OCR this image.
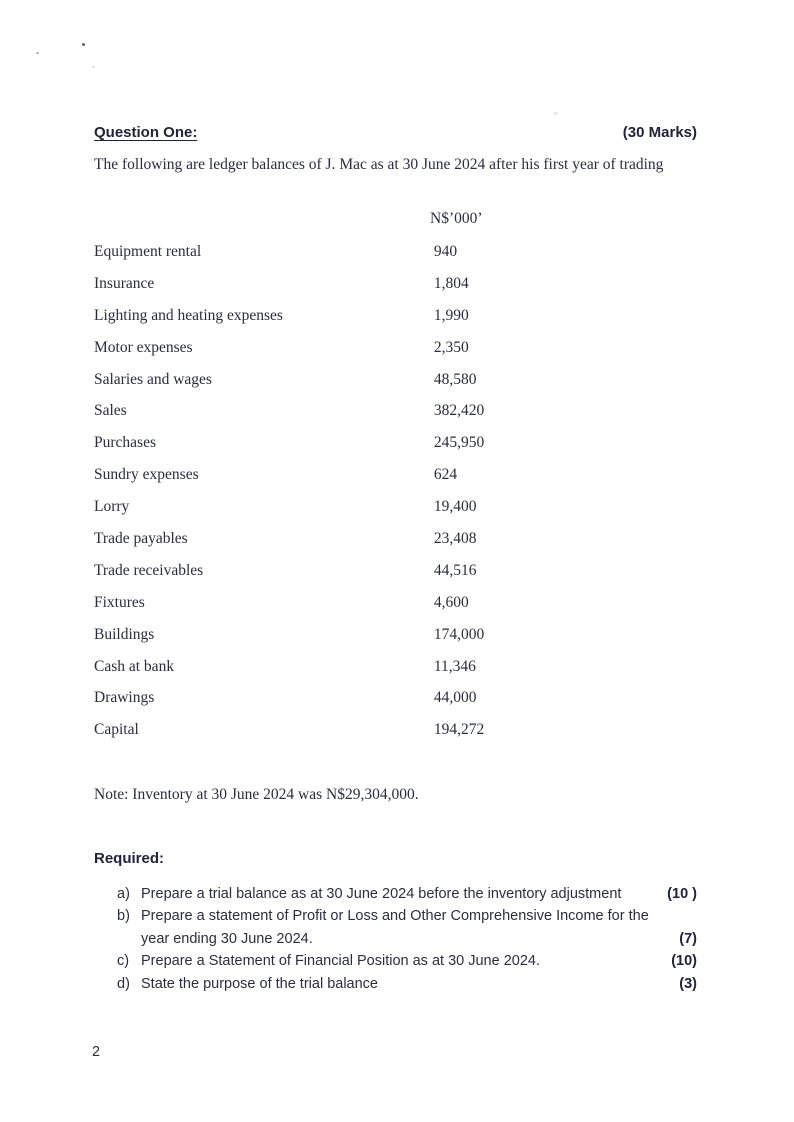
Question One:	(30 Marks)

The following are ledger balances of J. Mac as at 30 June 2024 after his first year of trading

N$’000’
Equipment rental	940
Insurance	1,804
Lighting and heating expenses	1,990
Motor expenses	2,350
Salaries and wages	48,580
Sales	382,420
Purchases	245,950
Sundry expenses	624
Lorry	19,400
Trade payables	23,408
Trade receivables	44,516
Fixtures	4,600
Buildings	174,000
Cash at bank	11,346
Drawings	44,000
Capital	194,272

Note: Inventory at 30 June 2024 was N$29,304,000.

Required:
a) Prepare a trial balance as at 30 June 2024 before the inventory adjustment	(10 )
b) Prepare a statement of Profit or Loss and Other Comprehensive Income for the year ending 30 June 2024.	(7)
c) Prepare a Statement of Financial Position as at 30 June 2024.	(10)
d) State the purpose of the trial balance	(3)
2
